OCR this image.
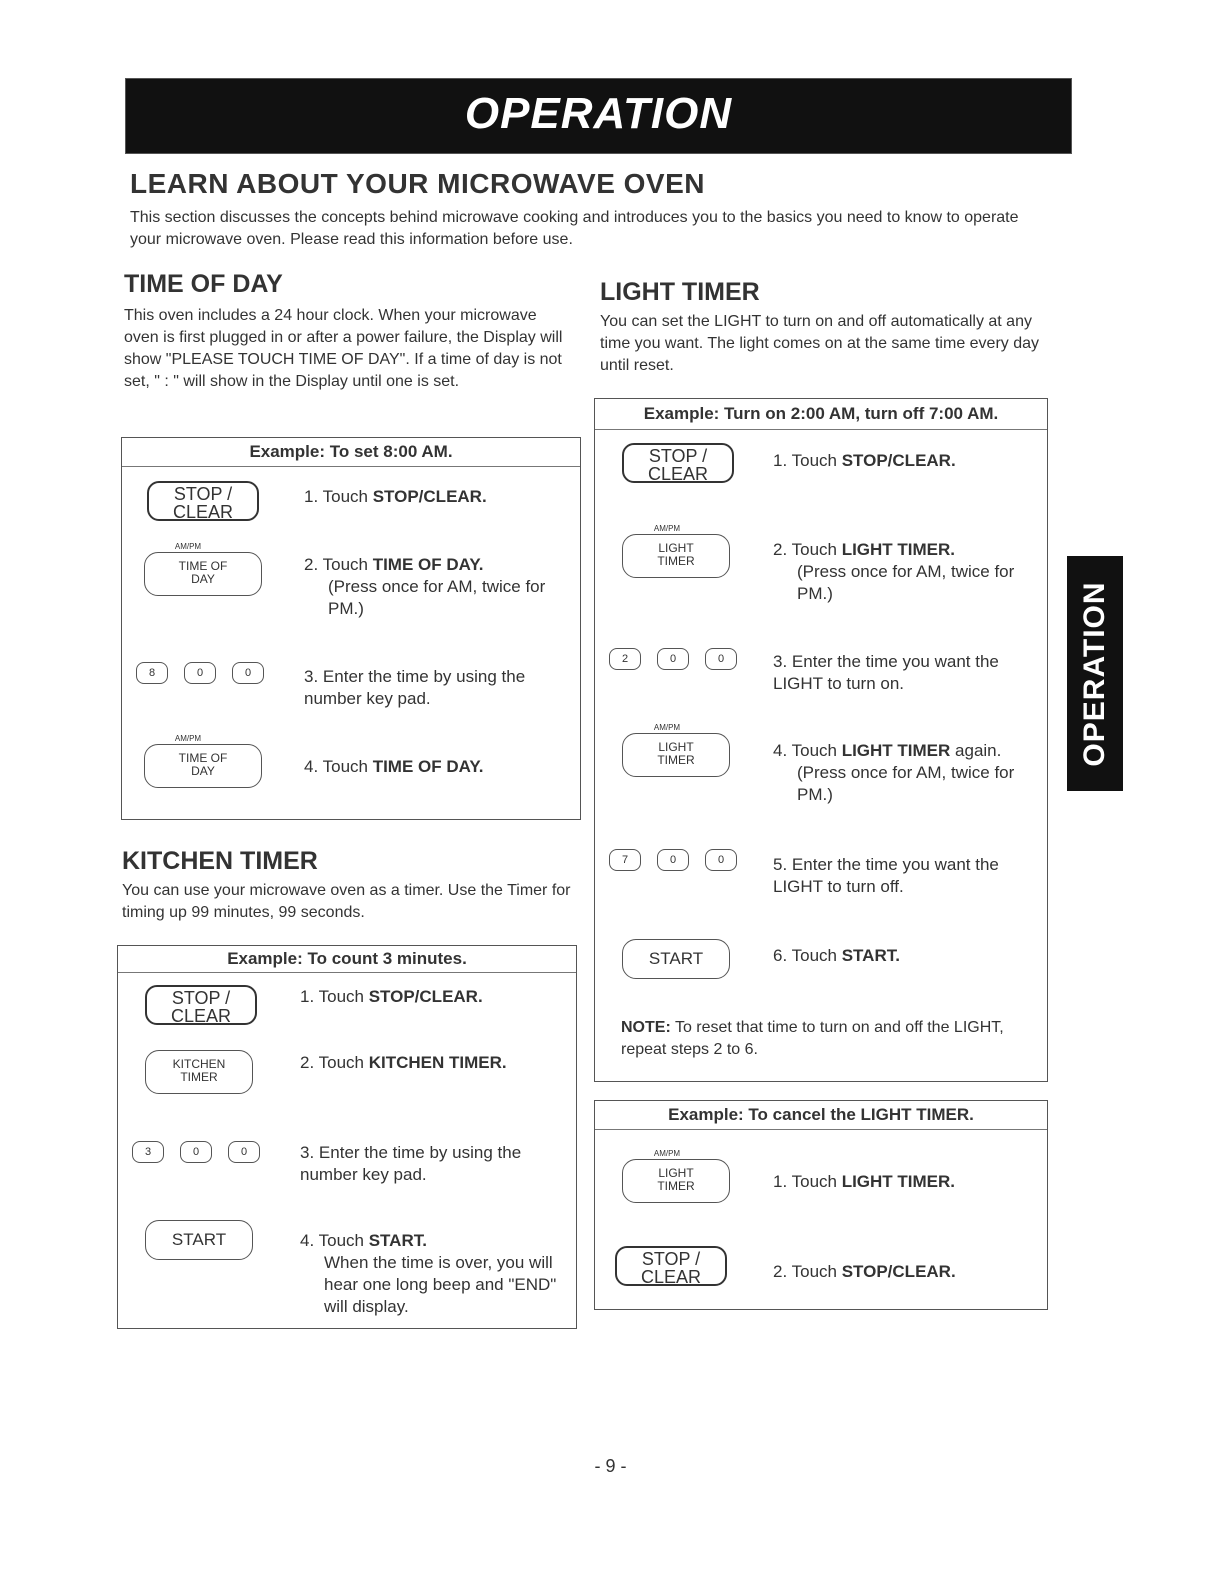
OPERATION
LEARN ABOUT YOUR MICROWAVE OVEN
This section discusses the concepts behind microwave cooking and introduces you to the basics you need to know to operate your microwave oven. Please read this information before use.
TIME OF DAY
This oven includes a 24 hour clock. When your microwave oven is first plugged in or after a power failure, the Display will show "PLEASE TOUCH TIME OF DAY". If a time of day is not set, " : " will show in the Display until one is set.
Example: To set 8:00 AM.
STOP /
CLEAR
1. Touch STOP/CLEAR.
AM/PM
TIME OF
DAY
2. Touch TIME OF DAY.
(Press once for AM, twice for PM.)
8	0	0	3. Enter the time by using the number key pad.
AM/PM
TIME OF
DAY	4. Touch TIME OF DAY.
KITCHEN TIMER
You can use your microwave oven as a timer. Use the Timer for timing up 99 minutes, 99 seconds.
Example: To count 3 minutes.
STOP /
CLEAR
1. Touch STOP/CLEAR.
KITCHEN
TIMER
2. Touch KITCHEN TIMER.
3	0	0	3. Enter the time by using the number key pad.
START	4. Touch START.
When the time is over, you will hear one long beep and "END" will display.
LIGHT TIMER
You can set the LIGHT to turn on and off automatically at any time you want. The light comes on at the same time every day until reset.
Example: Turn on 2:00 AM, turn off 7:00 AM.
STOP /
CLEAR
1. Touch STOP/CLEAR.
AM/PM
LIGHT
TIMER
2. Touch LIGHT TIMER.
(Press once for AM, twice for PM.)
2	0	0	3. Enter the time you want the LIGHT to turn on.
AM/PM
LIGHT
TIMER	4. Touch LIGHT TIMER again.
(Press once for AM, twice for PM.)
7	0	0	5. Enter the time you want the LIGHT to turn off.
START	6. Touch START.
NOTE: To reset that time to turn on and off the LIGHT, repeat steps 2 to 6.
Example: To cancel the LIGHT TIMER.
AM/PM
LIGHT
TIMER	1. Touch LIGHT TIMER.
STOP /
CLEAR	2. Touch STOP/CLEAR.
OPERATION
- 9 -
